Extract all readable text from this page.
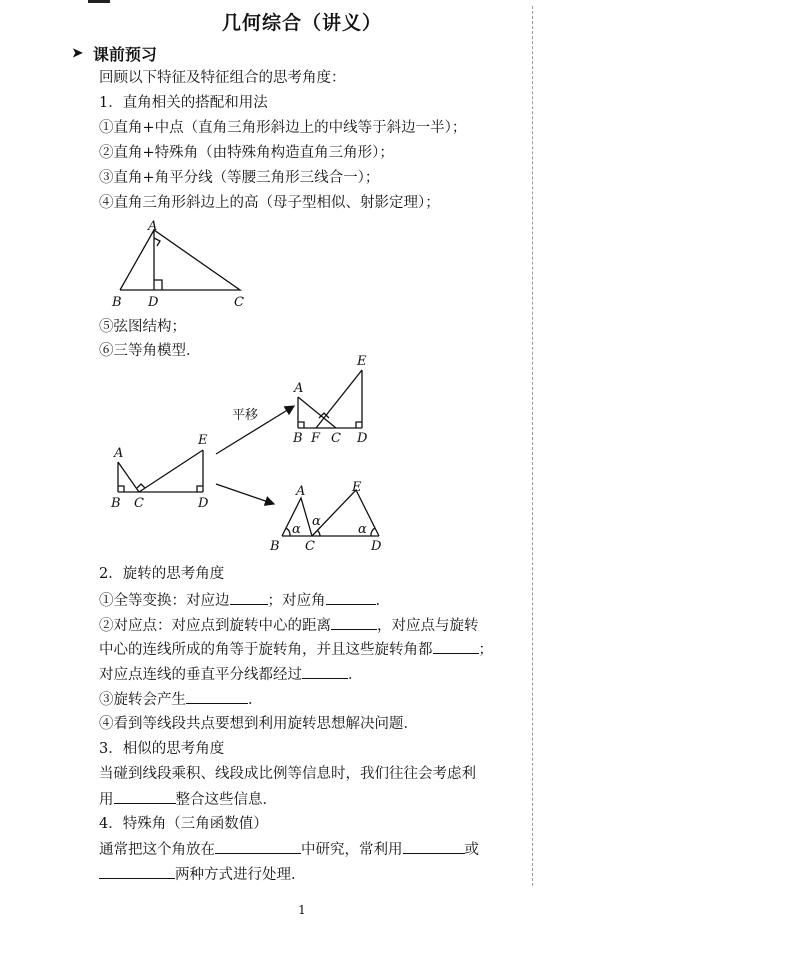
几何综合（讲义）
➤ 课前预习
回顾以下特征及特征组合的思考角度：
1．直角相关的搭配和用法
①直角+中点（直角三角形斜边上的中线等于斜边一半）；
②直角+特殊角（由特殊角构造直角三角形）；
③直角+角平分线（等腰三角形三线合一）；
④直角三角形斜边上的高（母子型相似、射影定理）；
A
B D	C
⑤弦图结构；
⑥三等角模型．
A
B C
E
D
平移
A
E
B F C D
A	E
B C	D
α
α
α
2．旋转的思考角度
①全等变换：对应边	；对应角	．
②对应点：对应点到旋转中心的距离	，对应点与旋转
中心的连线所成的角等于旋转角，并且这些旋转角都	；
对应点连线的垂直平分线都经过	．
③旋转会产生	．
④看到等线段共点要想到利用旋转思想解决问题．
3．相似的思考角度
当碰到线段乘积、线段成比例等信息时，我们往往会考虑利
用	整合这些信息．
4．特殊角（三角函数值）
通常把这个角放在	中研究，常利用	或
两种方式进行处理．
1
